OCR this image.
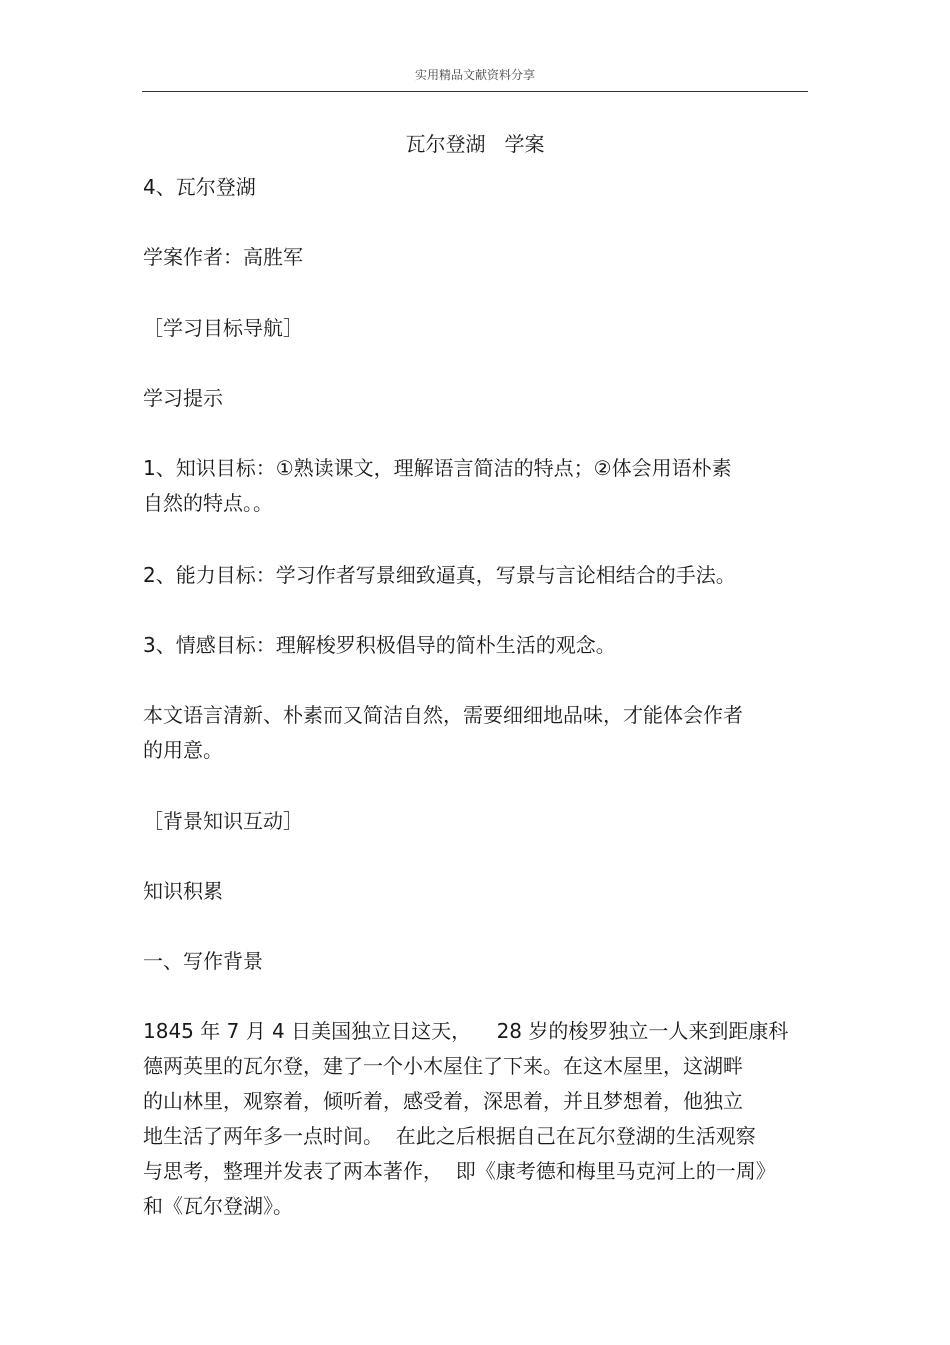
实用精品文献资料分享
瓦尔登湖   学案

4、瓦尔登湖

学案作者：高胜军

［学习目标导航］

学习提示

1、知识目标：①熟读课文，理解语言简洁的特点；②体会用语朴素
自然的特点。。

2、能力目标：学习作者写景细致逼真，写景与言论相结合的手法。

3、情感目标：理解梭罗积极倡导的简朴生活的观念。

本文语言清新、朴素而又简洁自然，需要细细地品味，才能体会作者
的用意。

［背景知识互动］

知识积累

一、写作背景

1845 年 7 月 4 日美国独立日这天，    28 岁的梭罗独立一人来到距康科
德两英里的瓦尔登，建了一个小木屋住了下来。在这木屋里，这湖畔
的山林里，观察着，倾听着，感受着，深思着，并且梦想着，他独立
地生活了两年多一点时间。  在此之后根据自己在瓦尔登湖的生活观察
与思考，整理并发表了两本著作，  即《康考德和梅里马克河上的一周》
和《瓦尔登湖》。
